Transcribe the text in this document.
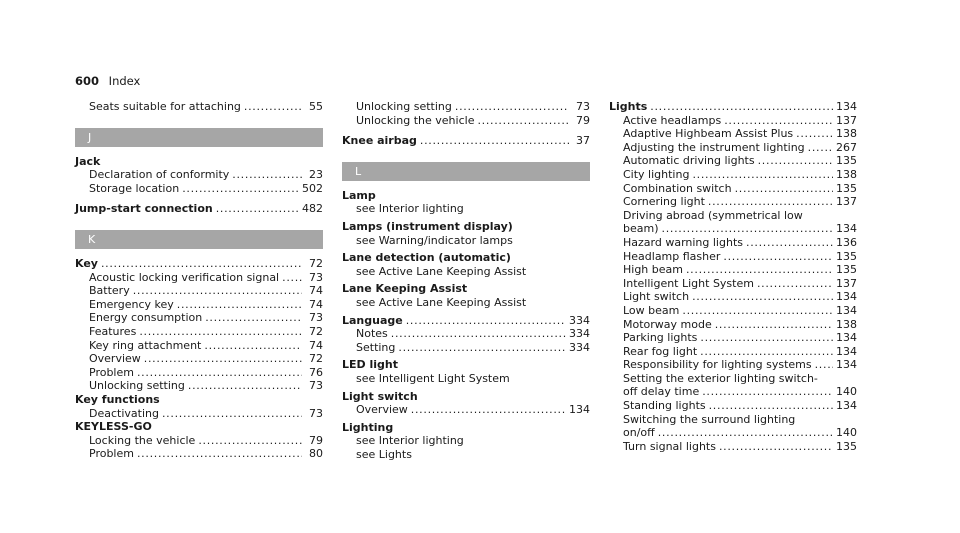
600 Index
Seats suitable for attaching . . .	55
J
Jack
Declaration of conformity . . .	23
Storage location . . .	502
Jump-start connection . . .	482
K
Key . . .	72
Acoustic locking verification signal . . .	73
Battery . . .	74
Emergency key . . .	74
Energy consumption . . .	73
Features . . .	72
Key ring attachment . . .	74
Overview . . .	72
Problem . . .	76
Unlocking setting . . .	73
Key functions
Deactivating . . .	73
KEYLESS-GO
Locking the vehicle . . .	79
Problem . . .	80
Unlocking setting . . .	73
Unlocking the vehicle . . .	79
Knee airbag . . .	37
L
Lamp
see Interior lighting
Lamps (instrument display)
see Warning/indicator lamps
Lane detection (automatic)
see Active Lane Keeping Assist
Lane Keeping Assist
see Active Lane Keeping Assist
Language . . .	334
Notes . . .	334
Setting . . .	334
LED light
see Intelligent Light System
Light switch
Overview . . .	134
Lighting
see Interior lighting
see Lights
Lights . . .	134
Active headlamps . . .	137
Adaptive Highbeam Assist Plus . . .	138
Adjusting the instrument lighting . . .	267
Automatic driving lights . . .	135
City lighting . . .	138
Combination switch . . .	135
Cornering light . . .	137
Driving abroad (symmetrical low
beam) . . .	134
Hazard warning lights . . .	136
Headlamp flasher . . .	135
High beam . . .	135
Intelligent Light System . . .	137
Light switch . . .	134
Low beam . . .	134
Motorway mode . . .	138
Parking lights . . .	134
Rear fog light . . .	134
Responsibility for lighting systems . . . 134
Setting the exterior lighting switch-
off delay time . . .	140
Standing lights . . .	134
Switching the surround lighting
on/off . . .	140
Turn signal lights . . .	135
